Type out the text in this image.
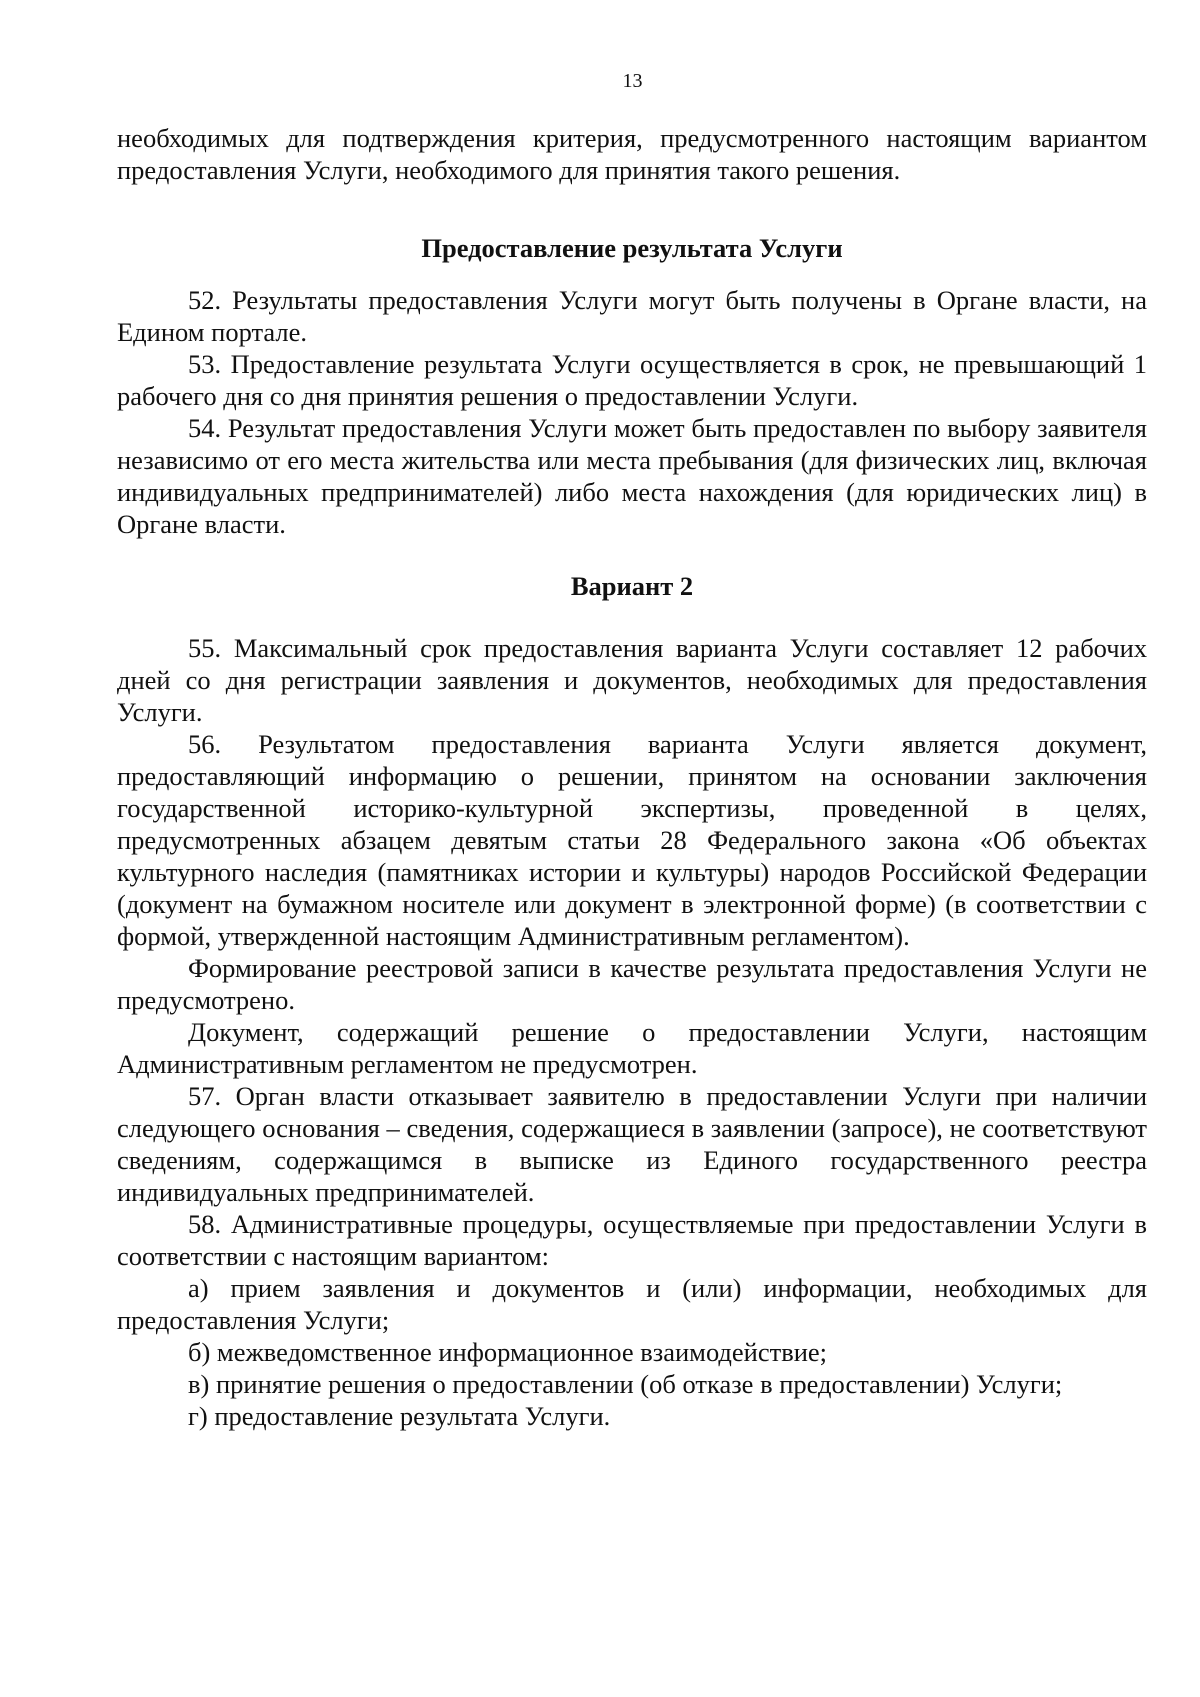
13

необходимых для подтверждения критерия, предусмотренного настоящим вариантом предоставления Услуги, необходимого для принятия такого решения.

Предоставление результата Услуги

52. Результаты предоставления Услуги могут быть получены в Органе власти, на Едином портале.

53. Предоставление результата Услуги осуществляется в срок, не превышающий 1 рабочего дня со дня принятия решения о предоставлении Услуги.

54. Результат предоставления Услуги может быть предоставлен по выбору заявителя независимо от его места жительства или места пребывания (для физических лиц, включая индивидуальных предпринимателей) либо места нахождения (для юридических лиц) в Органе власти.

Вариант 2

55. Максимальный срок предоставления варианта Услуги составляет 12 рабочих дней со дня регистрации заявления и документов, необходимых для предоставления Услуги.

56. Результатом предоставления варианта Услуги является документ, предоставляющий информацию о решении, принятом на основании заключения государственной историко-культурной экспертизы, проведенной в целях, предусмотренных абзацем девятым статьи 28 Федерального закона «Об объектах культурного наследия (памятниках истории и культуры) народов Российской Федерации (документ на бумажном носителе или документ в электронной форме) (в соответствии с формой, утвержденной настоящим Административным регламентом).

Формирование реестровой записи в качестве результата предоставления Услуги не предусмотрено.

Документ, содержащий решение о предоставлении Услуги, настоящим Административным регламентом не предусмотрен.

57. Орган власти отказывает заявителю в предоставлении Услуги при наличии следующего основания – сведения, содержащиеся в заявлении (запросе), не соответствуют сведениям, содержащимся в выписке из Единого государственного реестра индивидуальных предпринимателей.

58. Административные процедуры, осуществляемые при предоставлении Услуги в соответствии с настоящим вариантом:

а) прием заявления и документов и (или) информации, необходимых для предоставления Услуги;

б) межведомственное информационное взаимодействие;

в) принятие решения о предоставлении (об отказе в предоставлении) Услуги;

г) предоставление результата Услуги.
